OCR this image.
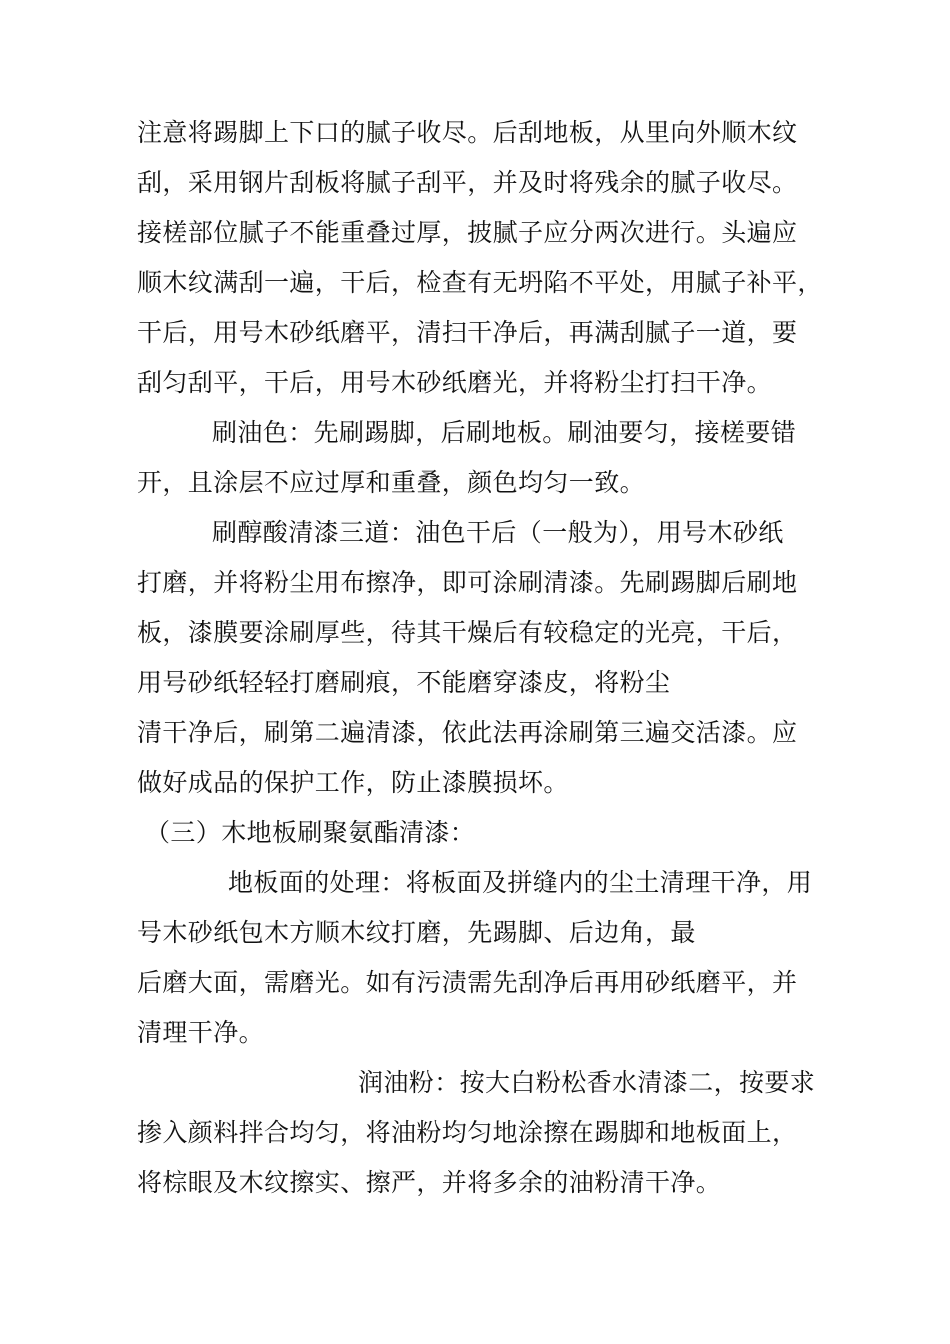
注意将踢脚上下口的腻子收尽。后刮地板，从里向外顺木纹
刮，采用钢片刮板将腻子刮平，并及时将残余的腻子收尽。
接槎部位腻子不能重叠过厚，披腻子应分两次进行。头遍应
顺木纹满刮一遍，干后，检查有无坍陷不平处，用腻子补平，
干后，用号木砂纸磨平，清扫干净后，再满刮腻子一道，要
刮匀刮平，干后，用号木砂纸磨光，并将粉尘打扫干净。
刷油色：先刷踢脚，后刷地板。刷油要匀，接槎要错
开，且涂层不应过厚和重叠，颜色均匀一致。
刷醇酸清漆三道：油色干后（一般为），用号木砂纸
打磨，并将粉尘用布擦净，即可涂刷清漆。先刷踢脚后刷地
板，漆膜要涂刷厚些，待其干燥后有较稳定的光亮，干后，
用号砂纸轻轻打磨刷痕，不能磨穿漆皮，将粉尘
清干净后，刷第二遍清漆，依此法再涂刷第三遍交活漆。应
做好成品的保护工作，防止漆膜损坏。
（三）木地板刷聚氨酯清漆：
地板面的处理：将板面及拼缝内的尘土清理干净，用
号木砂纸包木方顺木纹打磨，先踢脚、后边角，最
后磨大面，需磨光。如有污渍需先刮净后再用砂纸磨平，并
清理干净。
润油粉：按大白粉松香水清漆二，按要求
掺入颜料拌合均匀，将油粉均匀地涂擦在踢脚和地板面上，
将棕眼及木纹擦实、擦严，并将多余的油粉清干净。
